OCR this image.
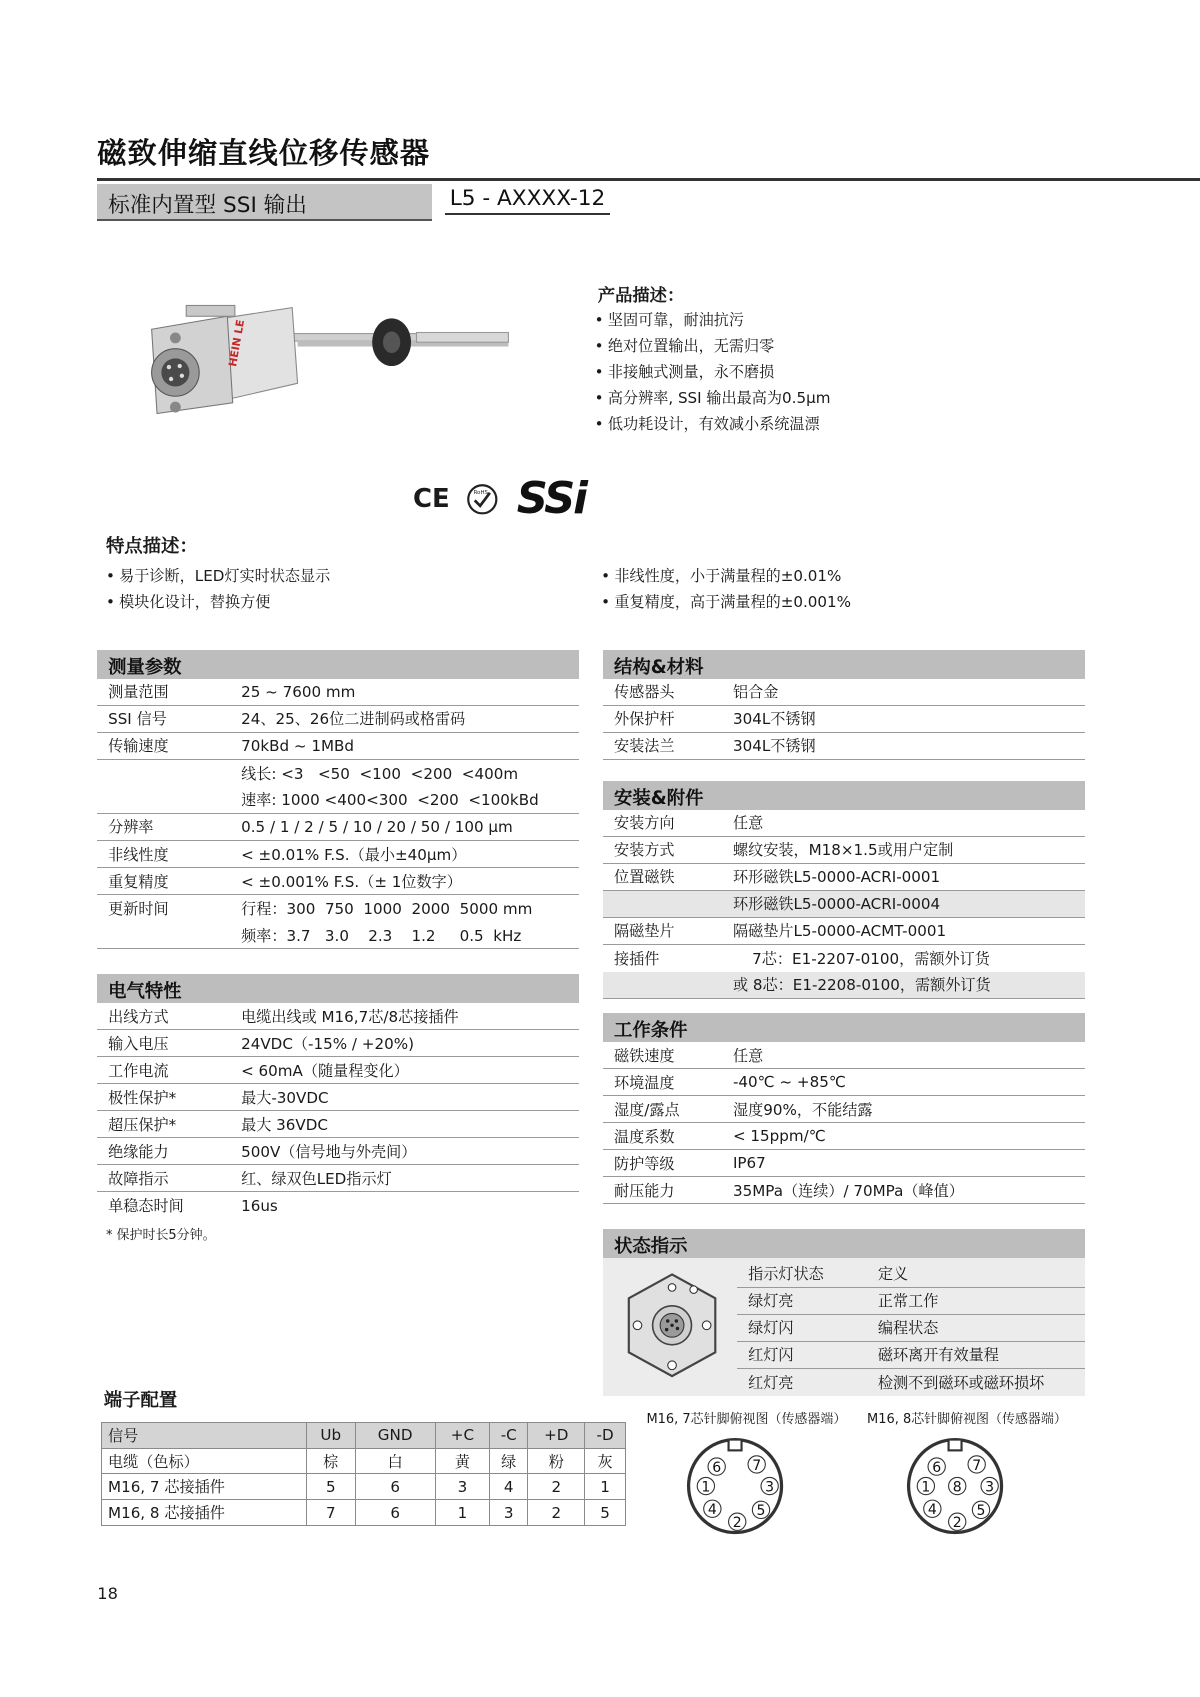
磁致伸缩直线位移传感器
标准内置型 SSI 输出	L5 - AXXXX-12
HEIN LE
产品描述：
• 坚固可靠，耐油抗污
• 绝对位置输出，无需归零
• 非接触式测量，永不磨损
• 高分辨率, SSI 输出最高为0.5μm
• 低功耗设计，有效减小系统温漂
CE	RoHS SSi
特点描述：
• 易于诊断，LED灯实时状态显示
• 模块化设计，替换方便
• 非线性度，小于满量程的±0.01%
• 重复精度，高于满量程的±0.001%
测量参数
测量范围	25 ~ 7600 mm
SSI 信号	24、25、26位二进制码或格雷码
传输速度	70kBd ~ 1MBd
线长: <3   <50  <100  <200  <400m
速率: 1000 <400<300  <200  <100kBd
分辨率	0.5 / 1 / 2 / 5 / 10 / 20 / 50 / 100 μm
非线性度	< ±0.01% F.S.（最小±40μm）
重复精度	< ±0.001% F.S.（± 1位数字）
更新时间	行程：300  750  1000  2000  5000 mm
频率：3.7   3.0    2.3    1.2     0.5  kHz
电气特性
出线方式	电缆出线或 M16,7芯/8芯接插件
输入电压	24VDC（-15% / +20%)
工作电流	< 60mA（随量程变化）
极性保护*	最大-30VDC
超压保护*	最大 36VDC
绝缘能力	500V（信号地与外壳间）
故障指示	红、绿双色LED指示灯
单稳态时间	16us
* 保护时长5分钟。
结构&材料
传感器头	铝合金
外保护杆	304L不锈钢
安装法兰	304L不锈钢
安装&附件
安装方向	任意
安装方式	螺纹安装，M18×1.5或用户定制
位置磁铁	环形磁铁L5-0000-ACRI-0001
环形磁铁L5-0000-ACRI-0004
隔磁垫片	隔磁垫片L5-0000-ACMT-0001
接插件	7芯：E1-2207-0100，需额外订货
或 8芯：E1-2208-0100，需额外订货
工作条件
磁铁速度	任意
环境温度	-40℃ ~ +85℃
湿度/露点	湿度90%，不能结露
温度系数	< 15ppm/℃
防护等级	IP67
耐压能力	35MPa（连续）/ 70MPa（峰值）
状态指示
指示灯状态	定义
绿灯亮	正常工作
绿灯闪	编程状态
红灯闪	磁环离开有效量程
红灯亮	检测不到磁环或磁环损坏
端子配置
信号	Ub	GND	+C	-C	+D	-D
电缆（色标）	棕	白	黄	绿	粉	灰
M16, 7 芯接插件	5	6	3	4	2	1
M16, 8 芯接插件	7	6	1	3	2	5
M16, 7芯针脚俯视图（传感器端） M16, 8芯针脚俯视图（传感器端）
6 7
1	3
4	5
2
6 7
1 8 3
4	5
2
18
